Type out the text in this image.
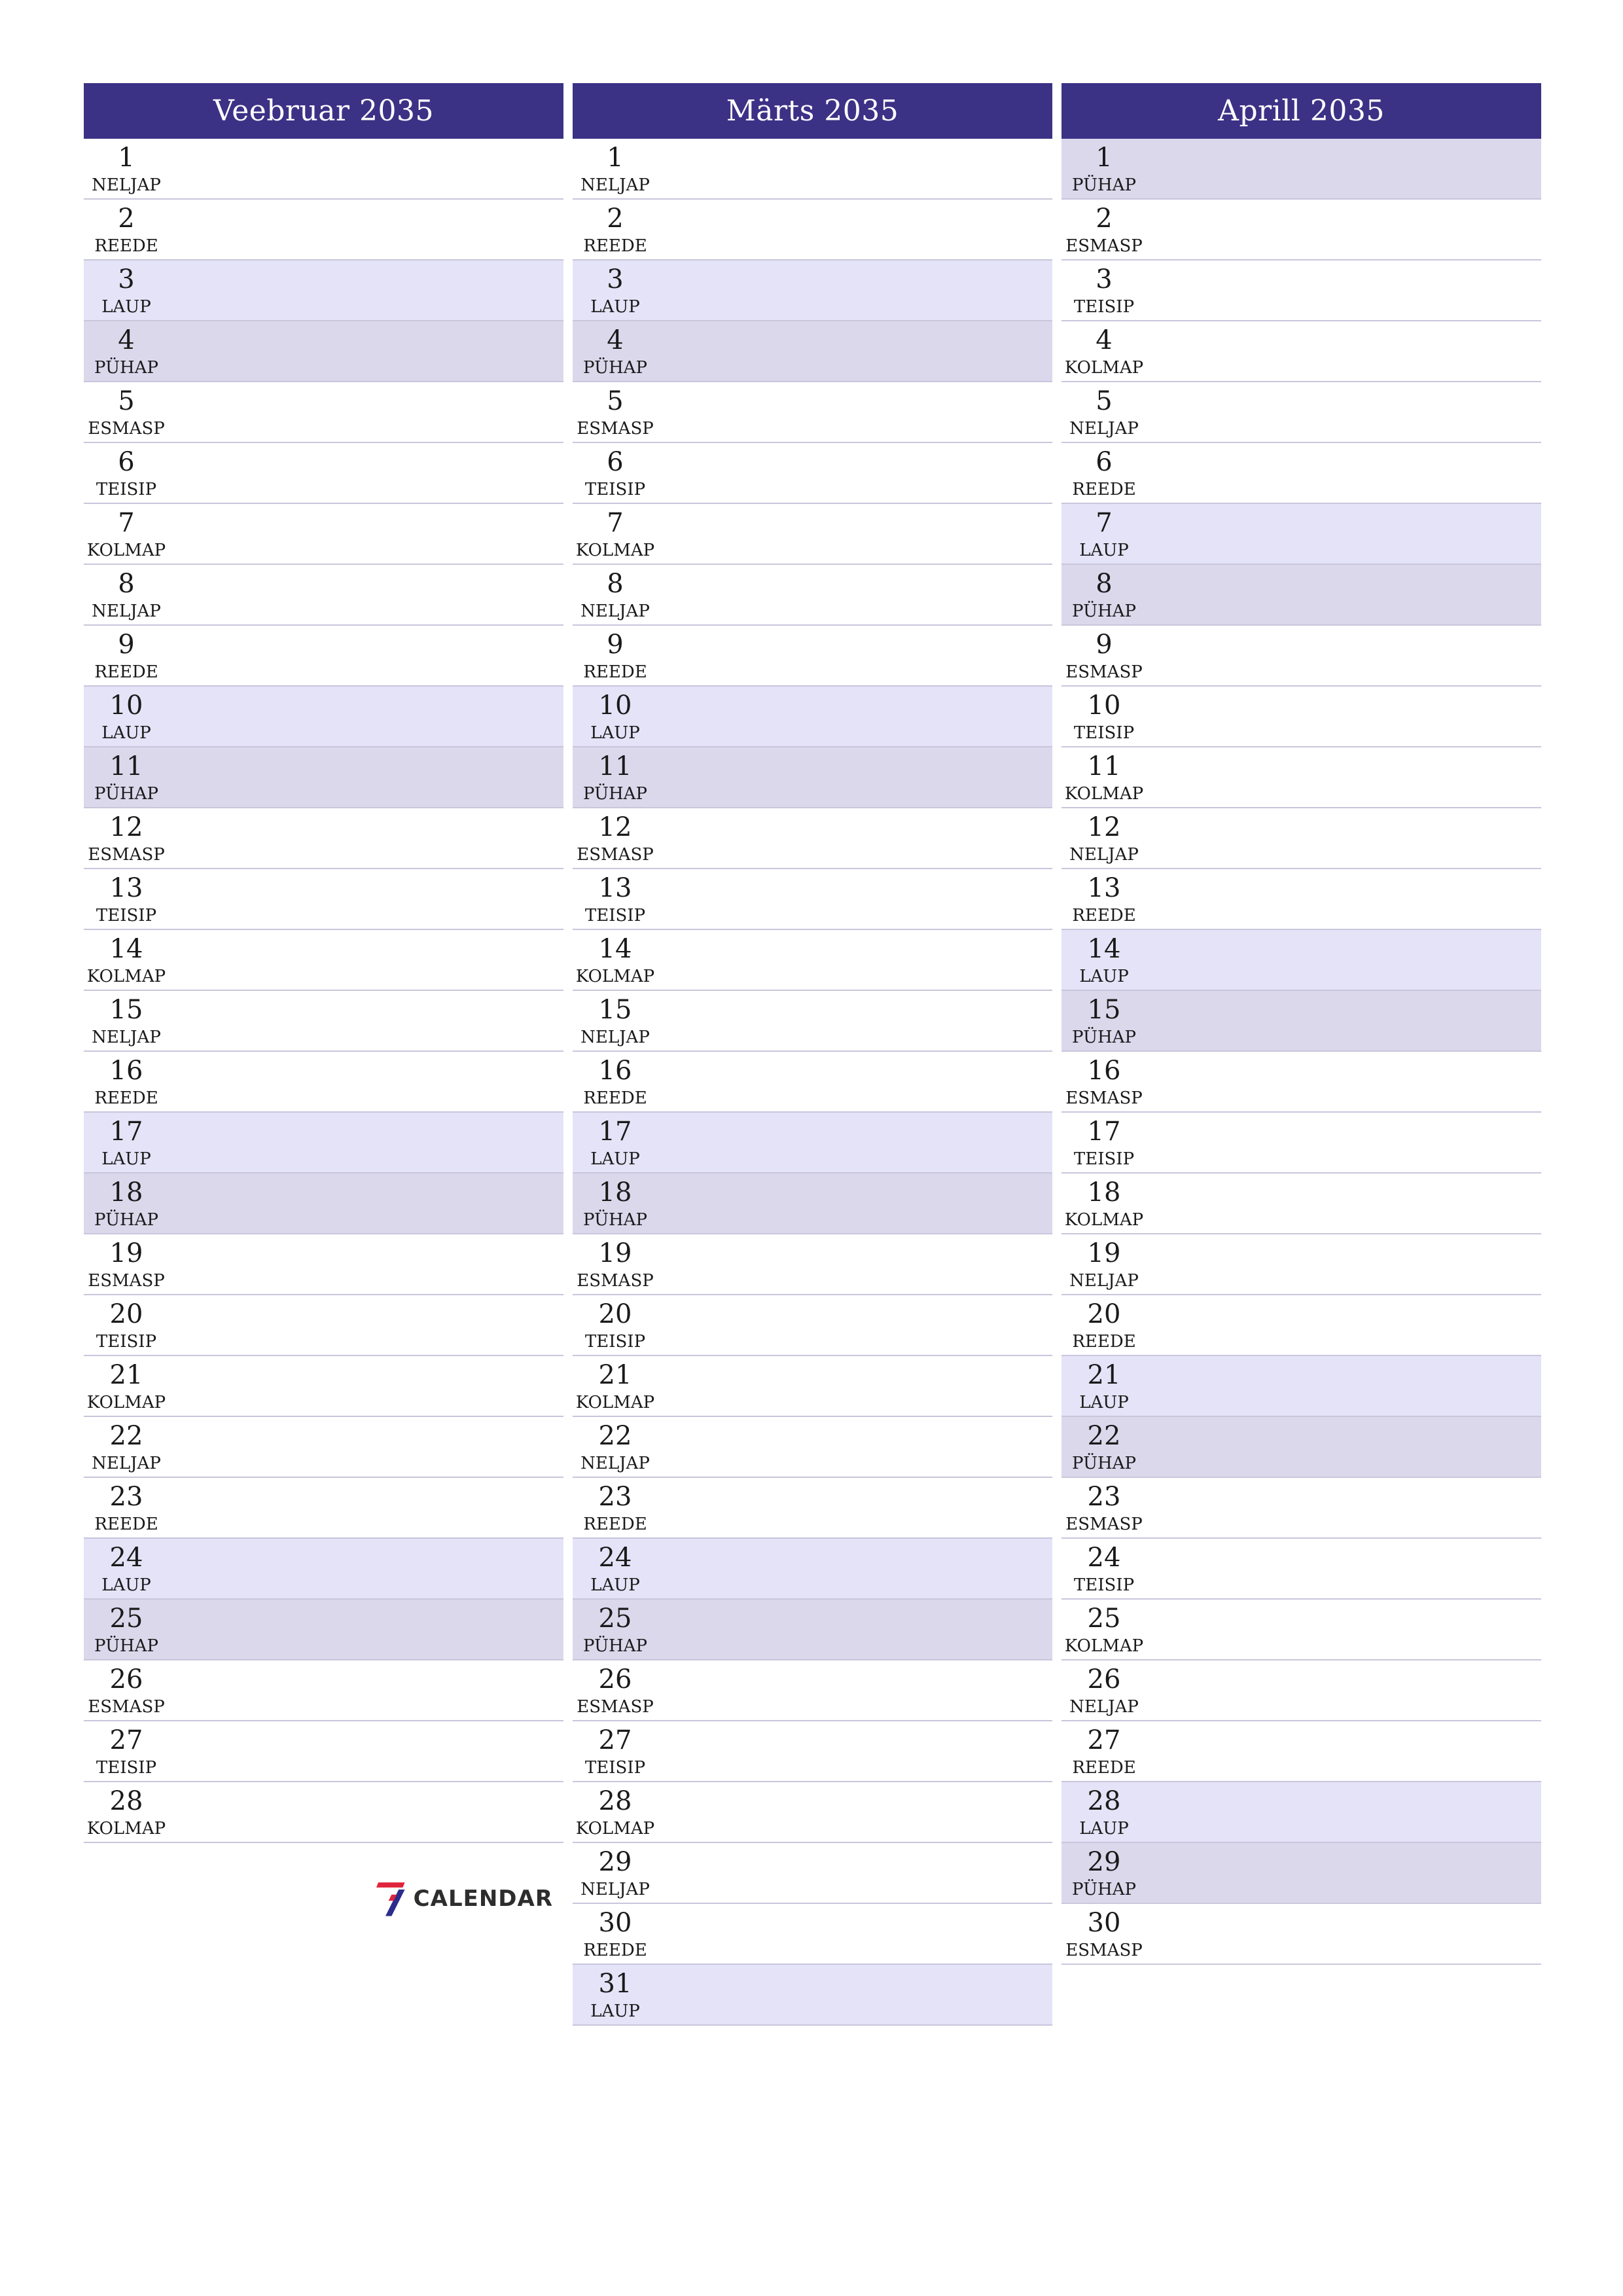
Veebruar 2035
1
NELJAP
2
REEDE
3
LAUP
4
PÜHAP
5
ESMASP
6
TEISIP
7
KOLMAP
8
NELJAP
9
REEDE
10
LAUP
11
PÜHAP
12
ESMASP
13
TEISIP
14
KOLMAP
15
NELJAP
16
REEDE
17
LAUP
18
PÜHAP
19
ESMASP
20
TEISIP
21
KOLMAP
22
NELJAP
23
REEDE
24
LAUP
25
PÜHAP
26
ESMASP
27
TEISIP
28
KOLMAP
Märts 2035
1
NELJAP
2
REEDE
3
LAUP
4
PÜHAP
5
ESMASP
6
TEISIP
7
KOLMAP
8
NELJAP
9
REEDE
10
LAUP
11
PÜHAP
12
ESMASP
13
TEISIP
14
KOLMAP
15
NELJAP
16
REEDE
17
LAUP
18
PÜHAP
19
ESMASP
20
TEISIP
21
KOLMAP
22
NELJAP
23
REEDE
24
LAUP
25
PÜHAP
26
ESMASP
27
TEISIP
28
KOLMAP
29
NELJAP
30
REEDE
31
LAUP
Aprill 2035
1
PÜHAP
2
ESMASP
3
TEISIP
4
KOLMAP
5
NELJAP
6
REEDE
7
LAUP
8
PÜHAP
9
ESMASP
10
TEISIP
11
KOLMAP
12
NELJAP
13
REEDE
14
LAUP
15
PÜHAP
16
ESMASP
17
TEISIP
18
KOLMAP
19
NELJAP
20
REEDE
21
LAUP
22
PÜHAP
23
ESMASP
24
TEISIP
25
KOLMAP
26
NELJAP
27
REEDE
28
LAUP
29
PÜHAP
30
ESMASP
CALENDAR
